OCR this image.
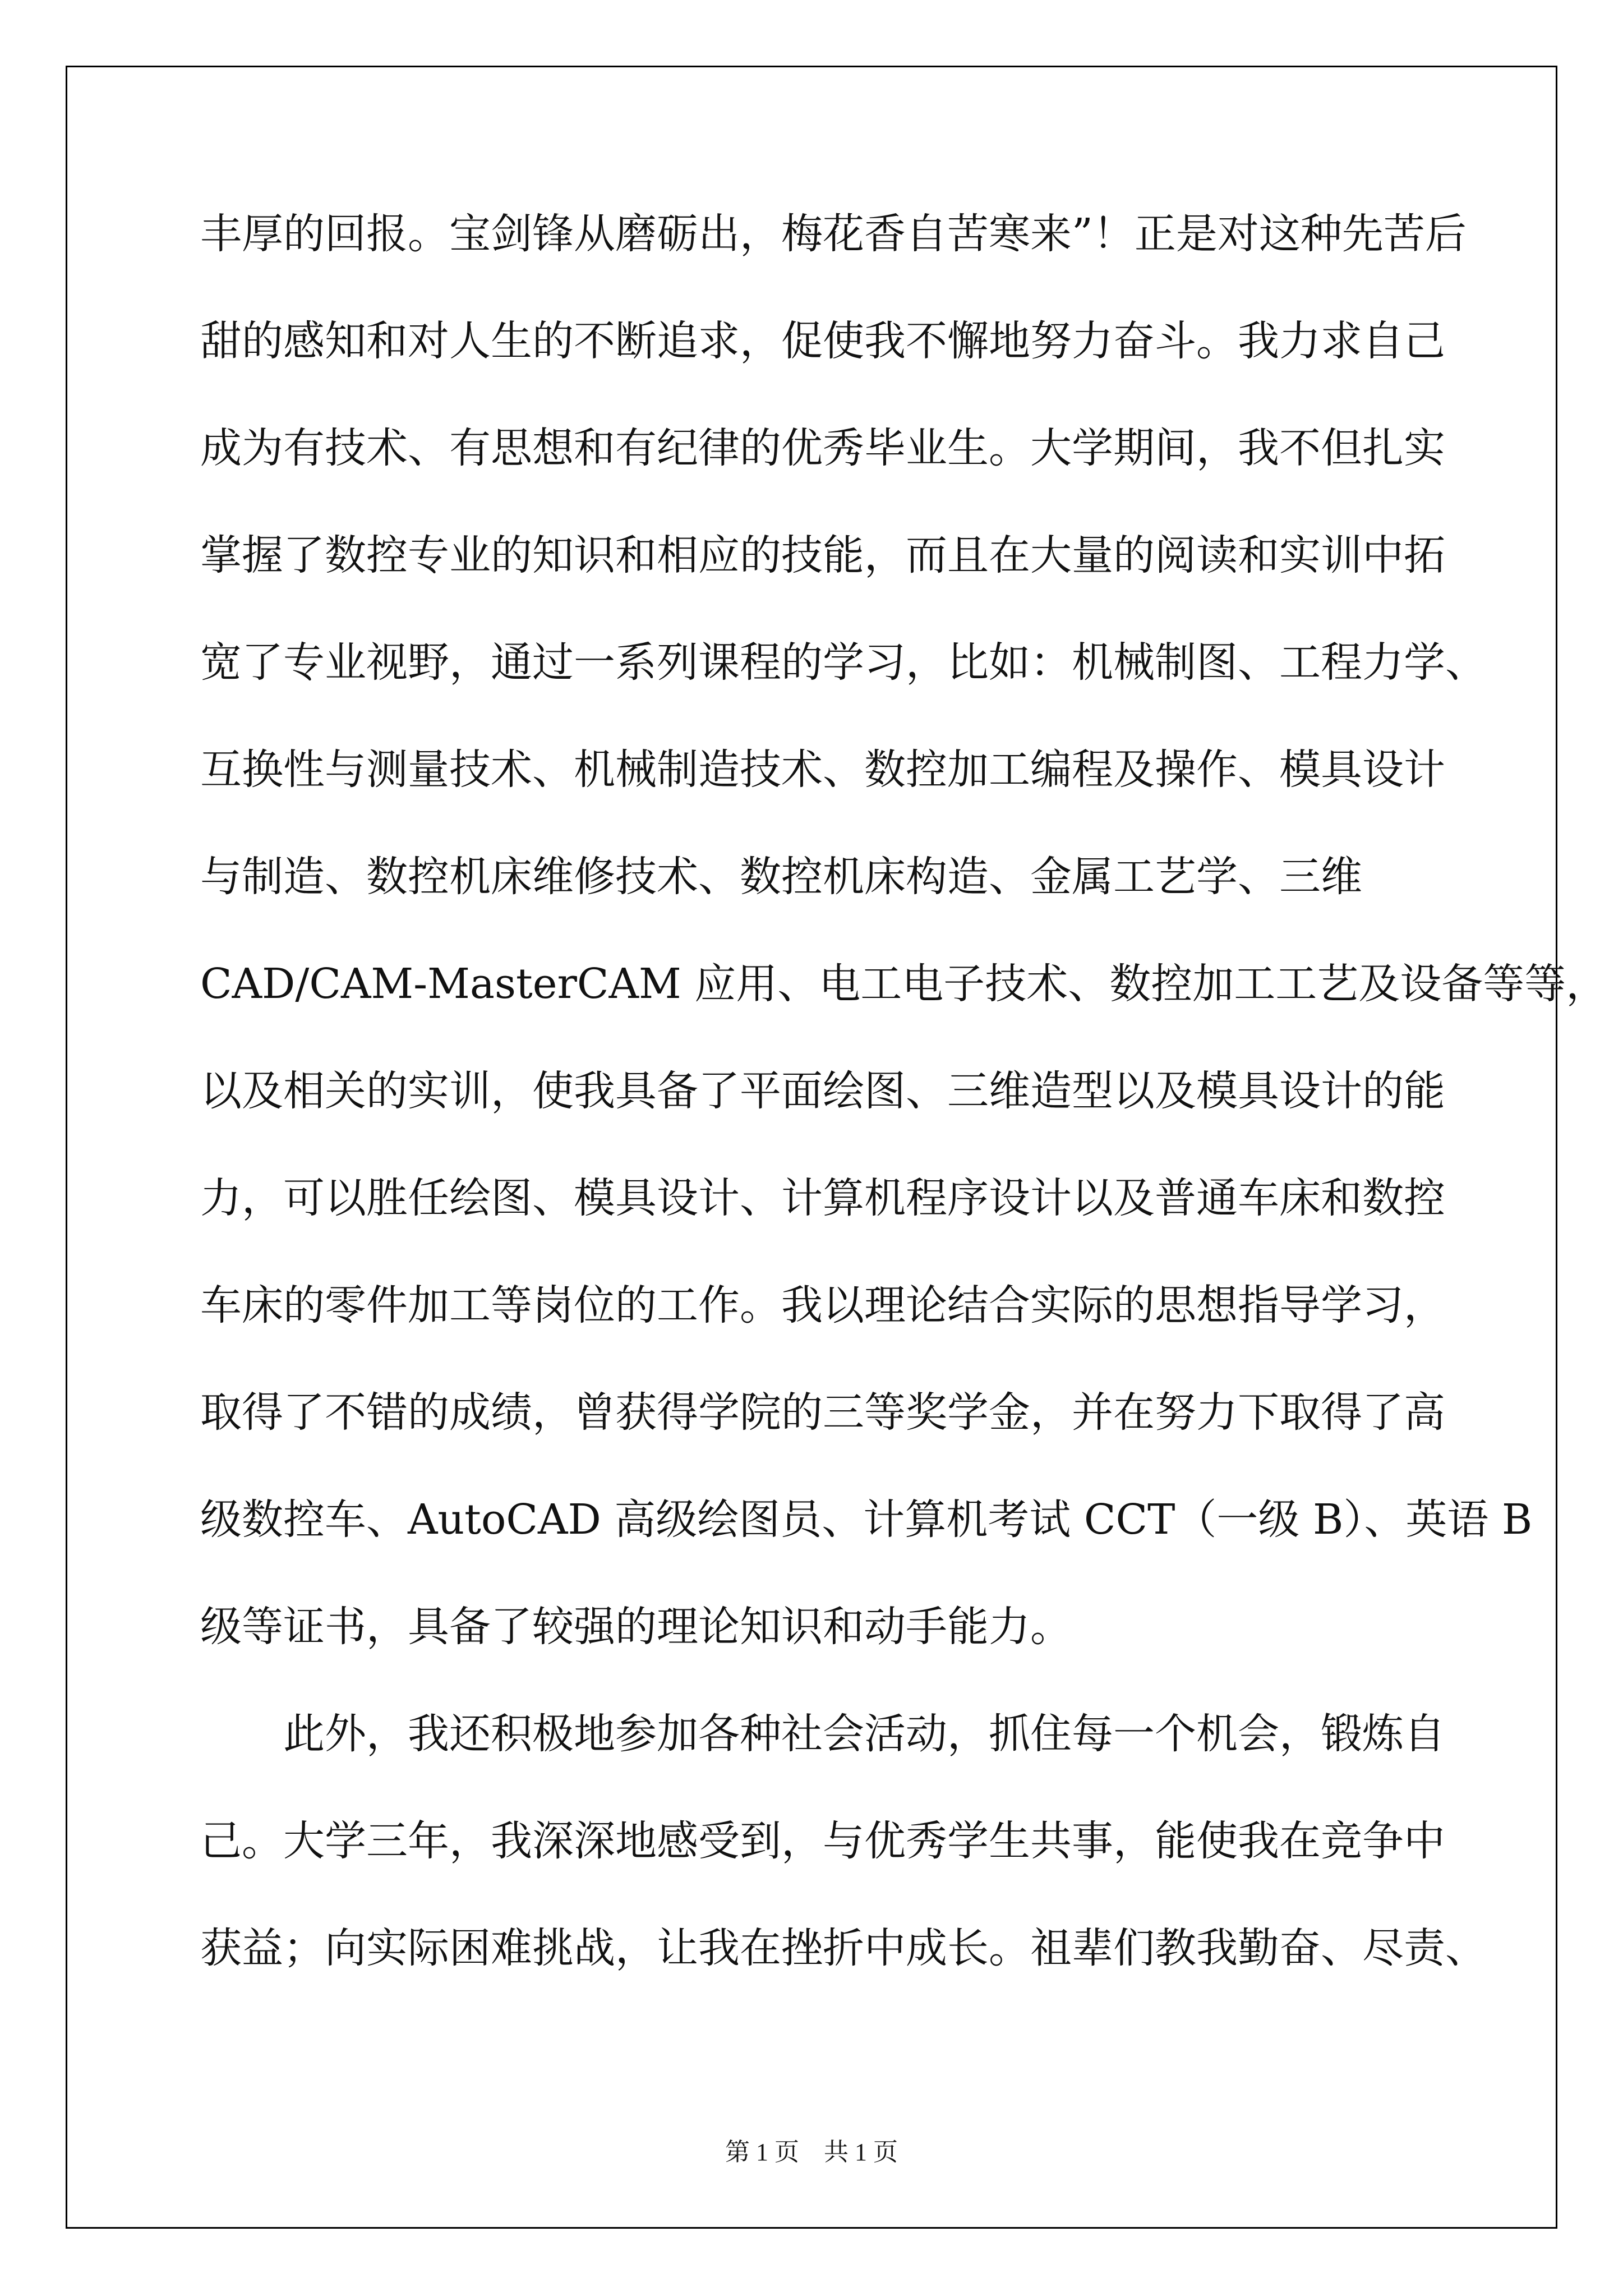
丰厚的回报。宝剑锋从磨砺出，梅花香自苦寒来”！正是对这种先苦后
甜的感知和对人生的不断追求，促使我不懈地努力奋斗。我力求自己
成为有技术、有思想和有纪律的优秀毕业生。大学期间，我不但扎实
掌握了数控专业的知识和相应的技能，而且在大量的阅读和实训中拓
宽了专业视野，通过一系列课程的学习，比如：机械制图、工程力学、
互换性与测量技术、机械制造技术、数控加工编程及操作、模具设计
与制造、数控机床维修技术、数控机床构造、金属工艺学、三维
CAD/CAM-MasterCAM 应用、电工电子技术、数控加工工艺及设备等等，
以及相关的实训，使我具备了平面绘图、三维造型以及模具设计的能
力，可以胜任绘图、模具设计、计算机程序设计以及普通车床和数控
车床的零件加工等岗位的工作。我以理论结合实际的思想指导学习，
取得了不错的成绩，曾获得学院的三等奖学金，并在努力下取得了高
级数控车、AutoCAD 高级绘图员、计算机考试 CCT（一级 B）、英语 B
级等证书，具备了较强的理论知识和动手能力。
此外，我还积极地参加各种社会活动，抓住每一个机会，锻炼自
己。大学三年，我深深地感受到，与优秀学生共事，能使我在竞争中
获益；向实际困难挑战，让我在挫折中成长。祖辈们教我勤奋、尽责、
第 1 页    共 1 页
